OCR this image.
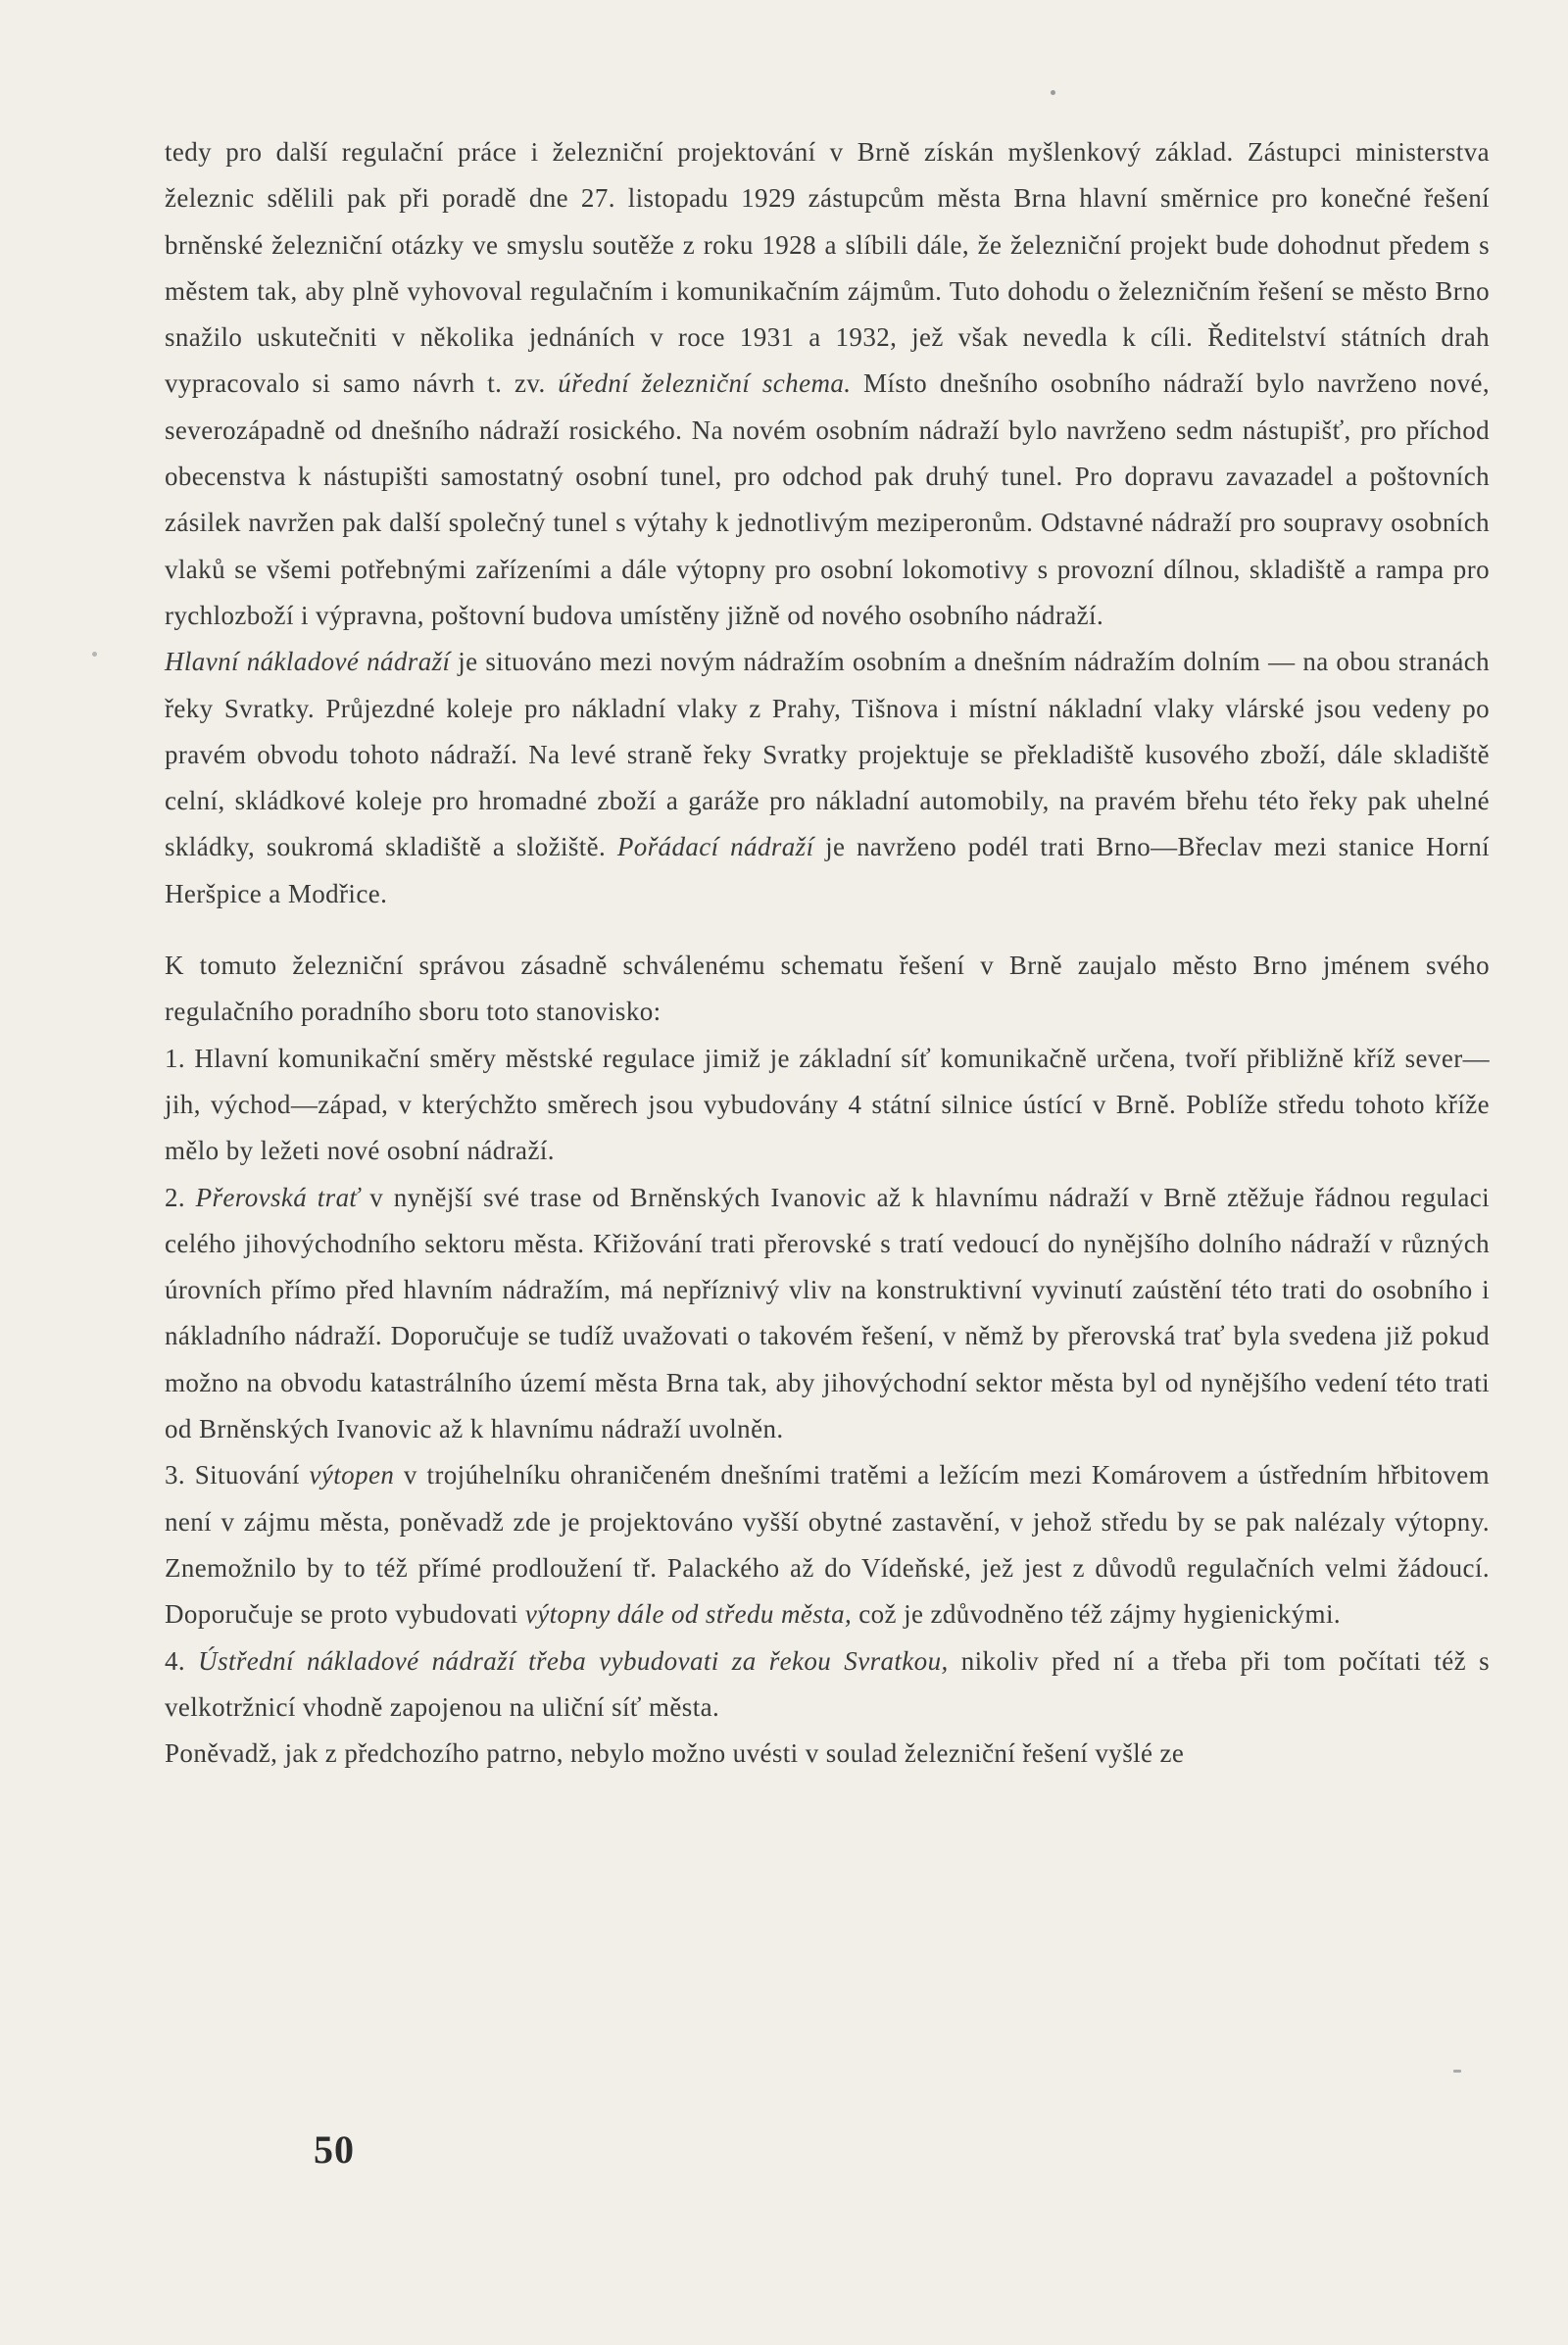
tedy pro další regulační práce i železniční projektování v Brně získán myšlenkový základ. Zástupci ministerstva železnic sdělili pak při poradě dne 27. listopadu 1929 zástupcům města Brna hlavní směrnice pro konečné řešení brněnské železniční otázky ve smyslu soutěže z roku 1928 a slíbili dále, že železniční projekt bude dohodnut předem s městem tak, aby plně vyhovoval regulačním i komunikačním zájmům. Tuto dohodu o železničním řešení se město Brno snažilo uskutečniti v několika jednáních v roce 1931 a 1932, jež však nevedla k cíli. Ředitelství státních drah vypracovalo si samo návrh t. zv. úřední železniční schema. Místo dnešního osobního nádraží bylo navrženo nové, severozápadně od dnešního nádraží rosického. Na novém osobním nádraží bylo navrženo sedm nástupišť, pro příchod obecenstva k nástupišti samostatný osobní tunel, pro odchod pak druhý tunel. Pro dopravu zavazadel a poštovních zásilek navržen pak další společný tunel s výtahy k jednotlivým meziperonům. Odstavné nádraží pro soupravy osobních vlaků se všemi potřebnými zařízeními a dále výtopny pro osobní lokomotivy s provozní dílnou, skladiště a rampa pro rychlozboží i výpravna, poštovní budova umístěny jižně od nového osobního nádraží.

Hlavní nákladové nádraží je situováno mezi novým nádražím osobním a dnešním nádražím dolním — na obou stranách řeky Svratky. Průjezdné koleje pro nákladní vlaky z Prahy, Tišnova i místní nákladní vlaky vlárské jsou vedeny po pravém obvodu tohoto nádraží. Na levé straně řeky Svratky projektuje se překladiště kusového zboží, dále skladiště celní, skládkové koleje pro hromadné zboží a garáže pro nákladní automobily, na pravém břehu této řeky pak uhelné skládky, soukromá skladiště a složiště. Pořádací nádraží je navrženo podél trati Brno—Břeclav mezi stanice Horní Heršpice a Modřice.

K tomuto železniční správou zásadně schválenému schematu řešení v Brně zaujalo město Brno jménem svého regulačního poradního sboru toto stanovisko:

1. Hlavní komunikační směry městské regulace jimiž je základní síť komunikačně určena, tvoří přibližně kříž sever—jih, východ—západ, v kterýchžto směrech jsou vybudovány 4 státní silnice ústící v Brně. Poblíže středu tohoto kříže mělo by ležeti nové osobní nádraží.

2. Přerovská trať v nynější své trase od Brněnských Ivanovic až k hlavnímu nádraží v Brně ztěžuje řádnou regulaci celého jihovýchodního sektoru města. Křižování trati přerovské s tratí vedoucí do nynějšího dolního nádraží v různých úrovních přímo před hlavním nádražím, má nepříznivý vliv na konstruktivní vyvinutí zaústění této trati do osobního i nákladního nádraží. Doporučuje se tudíž uvažovati o takovém řešení, v němž by přerovská trať byla svedena již pokud možno na obvodu katastrálního území města Brna tak, aby jihovýchodní sektor města byl od nynějšího vedení této trati od Brněnských Ivanovic až k hlavnímu nádraží uvolněn.

3. Situování výtopen v trojúhelníku ohraničeném dnešními tratěmi a ležícím mezi Komárovem a ústředním hřbitovem není v zájmu města, poněvadž zde je projektováno vyšší obytné zastavění, v jehož středu by se pak nalézaly výtopny. Znemožnilo by to též přímé prodloužení tř. Palackého až do Vídeňské, jež jest z důvodů regulačních velmi žádoucí. Doporučuje se proto vybudovati výtopny dále od středu města, což je zdůvodněno též zájmy hygienickými.

4. Ústřední nákladové nádraží třeba vybudovati za řekou Svratkou, nikoliv před ní a třeba při tom počítati též s velkotržnicí vhodně zapojenou na uliční síť města.

Poněvadž, jak z předchozího patrno, nebylo možno uvésti v soulad železniční řešení vyšlé ze

50
